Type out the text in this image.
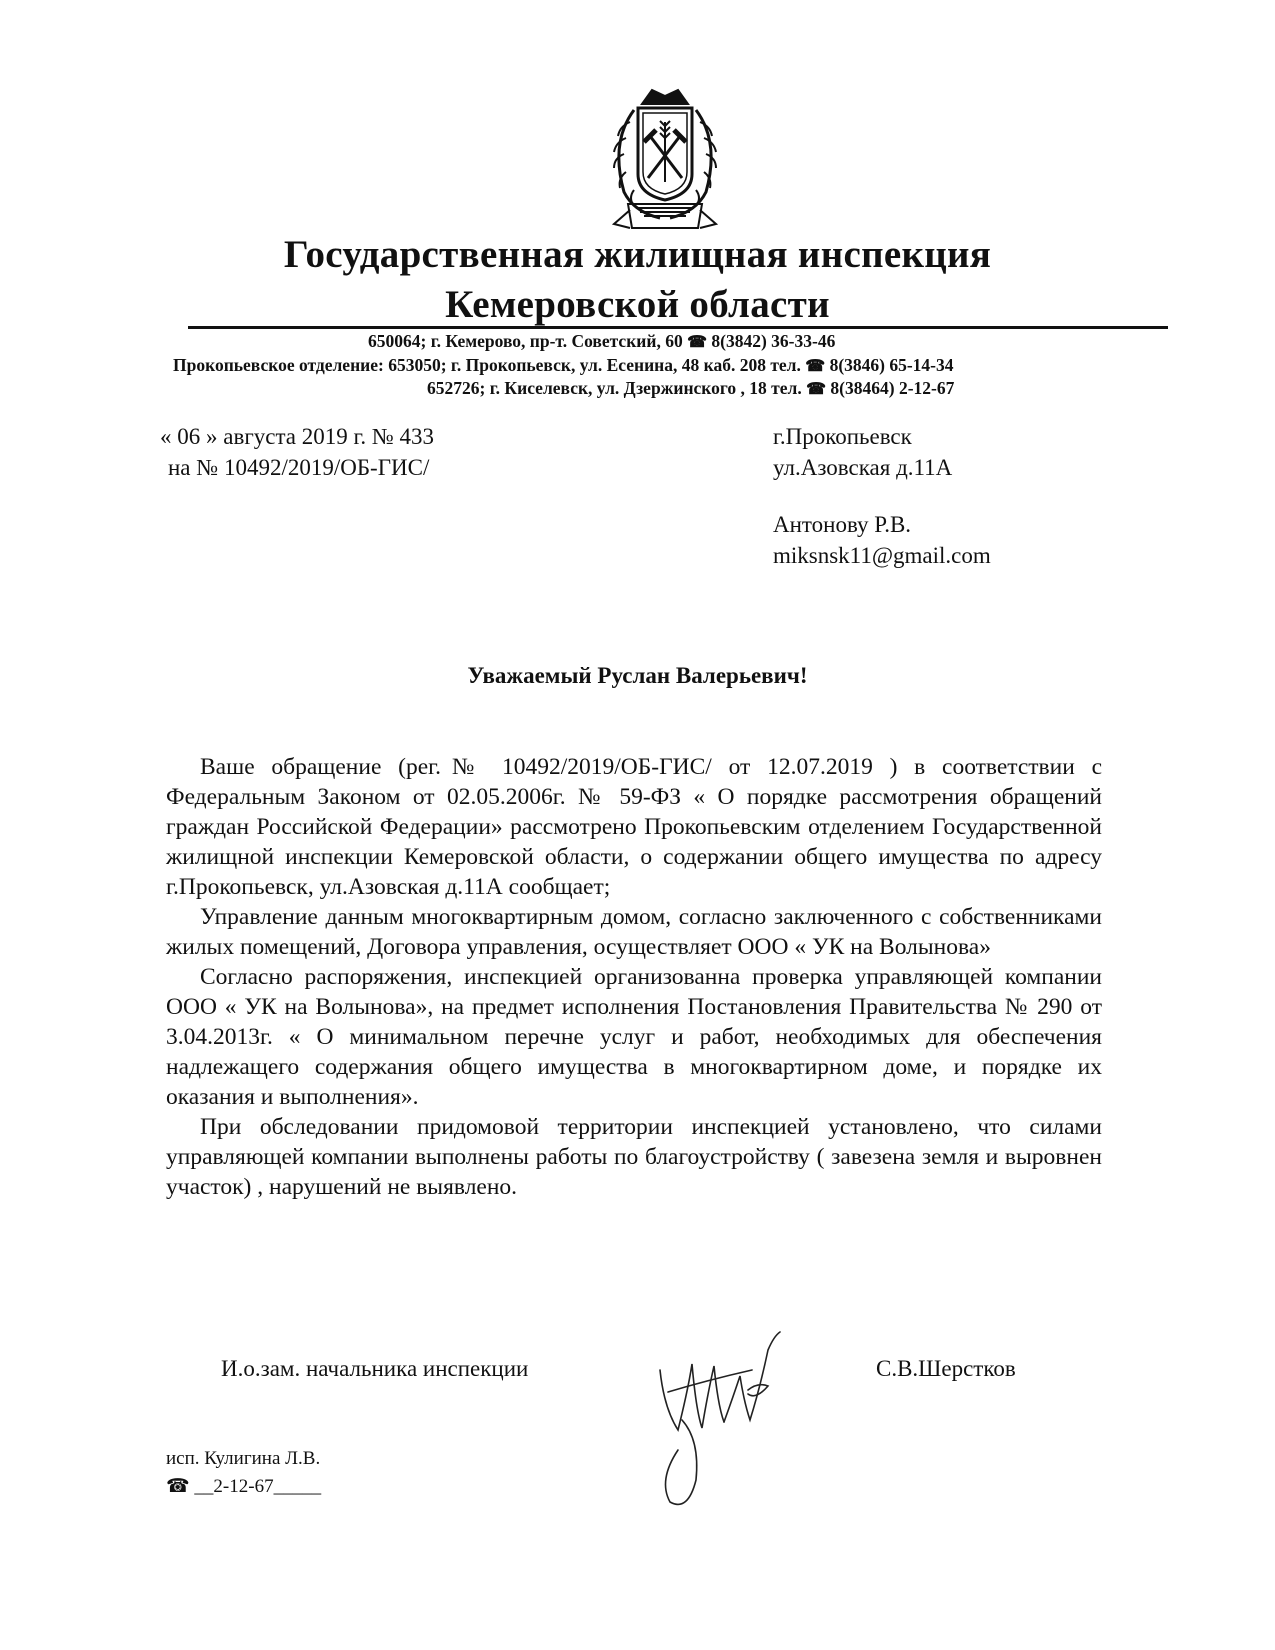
Государственная жилищная инспекция
Кемеровской области
650064; г. Кемерово, пр-т. Советский, 60 ☎ 8(3842) 36-33-46
Прокопьевское отделение: 653050; г. Прокопьевск, ул. Есенина, 48 каб. 208 тел. ☎ 8(3846) 65-14-34
652726; г. Киселевск, ул. Дзержинского , 18 тел. ☎ 8(38464) 2-12-67
« 06 » августа 2019 г. № 433
на № 10492/2019/ОБ-ГИС/
г.Прокопьевск
ул.Азовская д.11А
Антонову Р.В.
miksnsk11@gmail.com
Уважаемый Руслан Валерьевич!

Ваше обращение (рег.№ 10492/2019/ОБ-ГИС/ от 12.07.2019 ) в соответствии с Федеральным Законом от 02.05.2006г. № 59-ФЗ « О порядке рассмотрения обращений граждан Российской Федерации» рассмотрено Прокопьевским отделением Государственной жилищной инспекции Кемеровской области, о содержании общего имущества по адресу г.Прокопьевск, ул.Азовская д.11А сообщает;

Управление данным многоквартирным домом, согласно заключенного с собственниками жилых помещений, Договора управления, осуществляет ООО « УК на Волынова»

Согласно распоряжения, инспекцией организованна проверка управляющей компании ООО « УК на Волынова», на предмет исполнения Постановления Правительства № 290 от 3.04.2013г. « О минимальном перечне услуг и работ, необходимых для обеспечения надлежащего содержания общего имущества в многоквартирном доме, и порядке их оказания и выполнения».

При обследовании придомовой территории инспекцией установлено, что силами управляющей компании выполнены работы по благоустройству ( завезена земля и выровнен участок) , нарушений не выявлено.

И.о.зам. начальника инспекции	С.В.Шерстков
исп. Кулигина Л.В.
☎ __2-12-67_____
